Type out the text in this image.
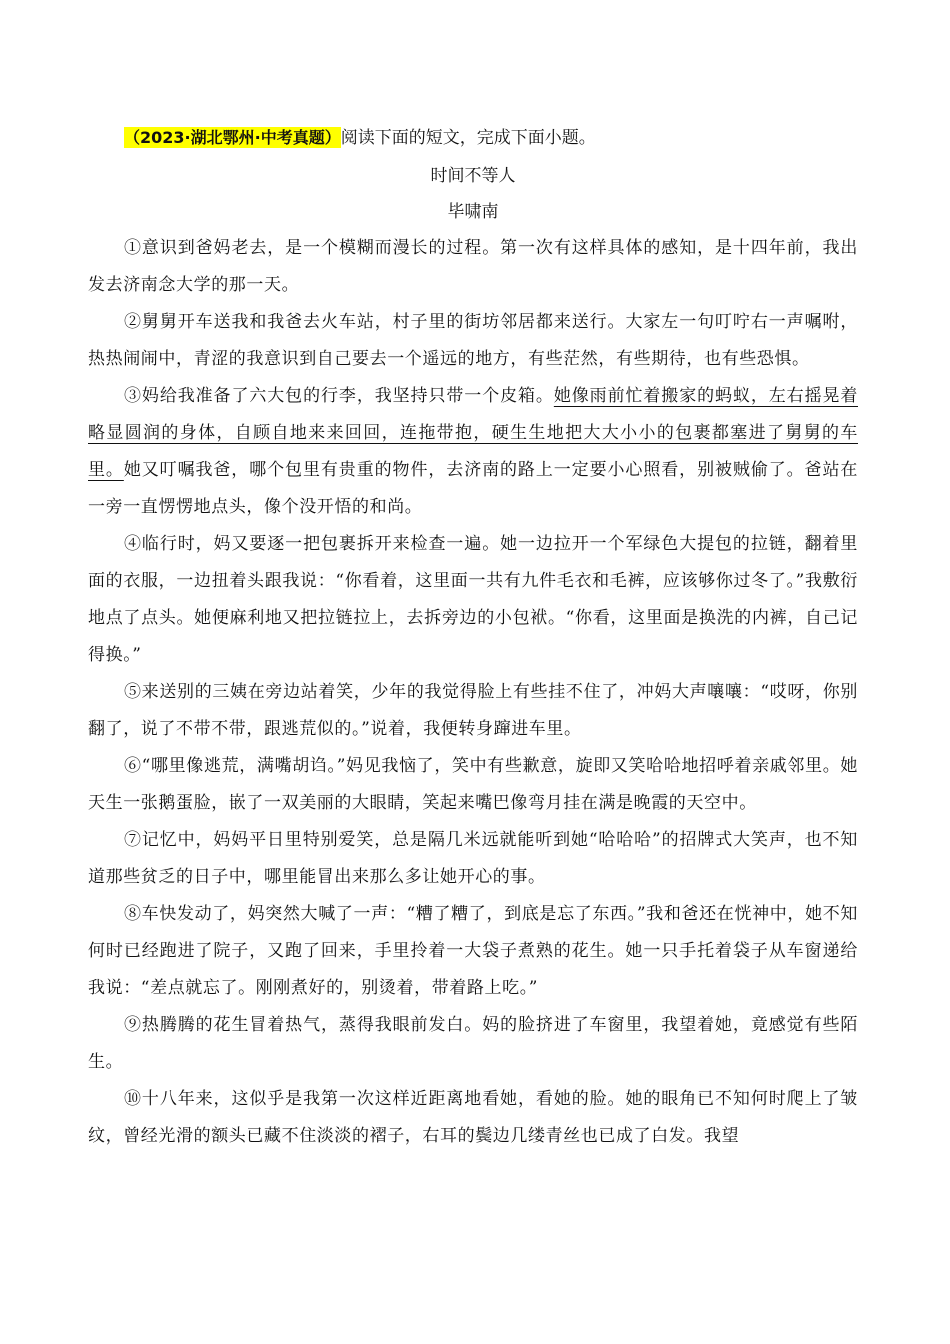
（2023·湖北鄂州·中考真题）阅读下面的短文，完成下面小题。

时间不等人

毕啸南

①意识到爸妈老去，是一个模糊而漫长的过程。第一次有这样具体的感知，是十四年前，我出发去济南念大学的那一天。

②舅舅开车送我和我爸去火车站，村子里的街坊邻居都来送行。大家左一句叮咛右一声嘱咐，热热闹闹中，青涩的我意识到自己要去一个遥远的地方，有些茫然，有些期待，也有些恐惧。

③妈给我准备了六大包的行李，我坚持只带一个皮箱。她像雨前忙着搬家的蚂蚁，左右摇晃着略显圆润的身体，自顾自地来来回回，连拖带抱，硬生生地把大大小小的包裹都塞进了舅舅的车里。她又叮嘱我爸，哪个包里有贵重的物件，去济南的路上一定要小心照看，别被贼偷了。爸站在一旁一直愣愣地点头，像个没开悟的和尚。

④临行时，妈又要逐一把包裹拆开来检查一遍。她一边拉开一个军绿色大提包的拉链，翻着里面的衣服，一边扭着头跟我说：“你看着，这里面一共有九件毛衣和毛裤，应该够你过冬了。”我敷衍地点了点头。她便麻利地又把拉链拉上，去拆旁边的小包袱。“你看，这里面是换洗的内裤，自己记得换。”

⑤来送别的三姨在旁边站着笑，少年的我觉得脸上有些挂不住了，冲妈大声嚷嚷：“哎呀，你别翻了，说了不带不带，跟逃荒似的。”说着，我便转身蹿进车里。

⑥“哪里像逃荒，满嘴胡诌。”妈见我恼了，笑中有些歉意，旋即又笑哈哈地招呼着亲戚邻里。她天生一张鹅蛋脸，嵌了一双美丽的大眼睛，笑起来嘴巴像弯月挂在满是晚霞的天空中。

⑦记忆中，妈妈平日里特别爱笑，总是隔几米远就能听到她“哈哈哈”的招牌式大笑声，也不知道那些贫乏的日子中，哪里能冒出来那么多让她开心的事。

⑧车快发动了，妈突然大喊了一声：“糟了糟了，到底是忘了东西。”我和爸还在恍神中，她不知何时已经跑进了院子，又跑了回来，手里拎着一大袋子煮熟的花生。她一只手托着袋子从车窗递给我说：“差点就忘了。刚刚煮好的，别烫着，带着路上吃。”

⑨热腾腾的花生冒着热气，蒸得我眼前发白。妈的脸挤进了车窗里，我望着她，竟感觉有些陌生。

⑩十八年来，这似乎是我第一次这样近距离地看她，看她的脸。她的眼角已不知何时爬上了皱纹，曾经光滑的额头已藏不住淡淡的褶子，右耳的鬓边几缕青丝也已成了白发。我望
